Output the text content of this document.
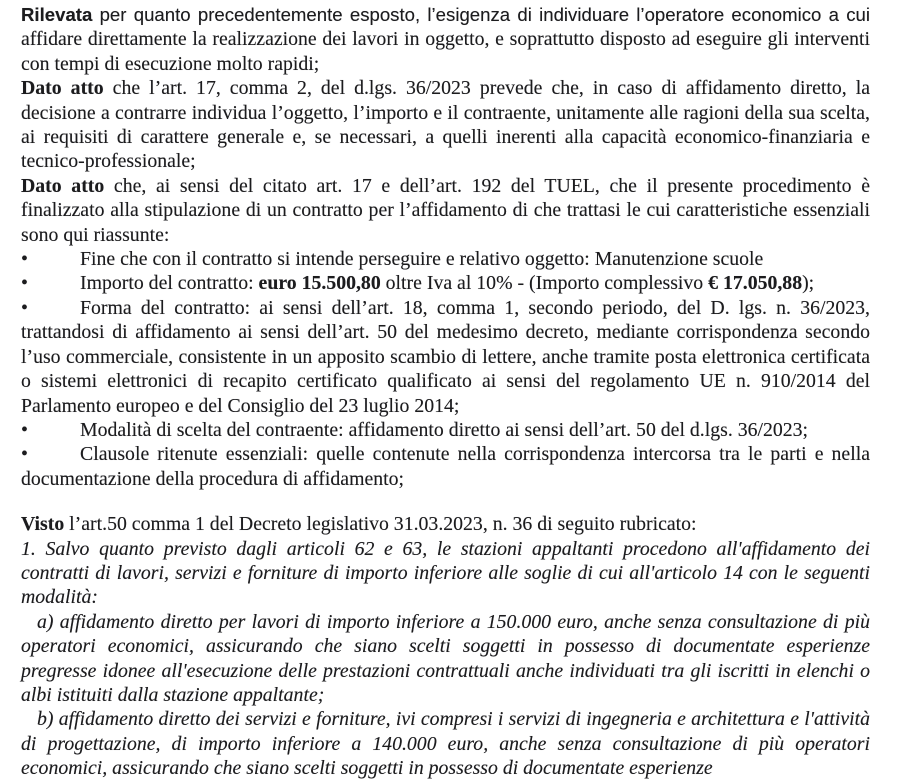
Rilevata per quanto precedentemente esposto, l’esigenza di individuare l’operatore economico a cui affidare direttamente la realizzazione dei lavori in oggetto, e soprattutto disposto ad eseguire gli interventi con tempi di esecuzione molto rapidi;

Dato atto che l’art. 17, comma 2, del d.lgs. 36/2023 prevede che, in caso di affidamento diretto, la decisione a contrarre individua l’oggetto, l’importo e il contraente, unitamente alle ragioni della sua scelta, ai requisiti di carattere generale e, se necessari, a quelli inerenti alla capacità economico-finanziaria e tecnico-professionale;

Dato atto che, ai sensi del citato art. 17 e dell’art. 192 del TUEL, che il presente procedimento è finalizzato alla stipulazione di un contratto per l’affidamento di che trattasi le cui caratteristiche essenziali sono qui riassunte:

•	Fine che con il contratto si intende perseguire e relativo oggetto: Manutenzione scuole

•	Importo del contratto: euro 15.500,80 oltre Iva al 10% - (Importo complessivo € 17.050,88);

•	Forma del contratto: ai sensi dell’art. 18, comma 1, secondo periodo, del D. lgs. n. 36/2023, trattandosi di affidamento ai sensi dell’art. 50 del medesimo decreto, mediante corrispondenza secondo l’uso commerciale, consistente in un apposito scambio di lettere, anche tramite posta elettronica certificata o sistemi elettronici di recapito certificato qualificato ai sensi del regolamento UE n. 910/2014 del Parlamento europeo e del Consiglio del 23 luglio 2014;

•	Modalità di scelta del contraente: affidamento diretto ai sensi dell’art. 50 del d.lgs. 36/2023;

•	Clausole ritenute essenziali: quelle contenute nella corrispondenza intercorsa tra le parti e nella documentazione della procedura di affidamento;

Visto l’art.50 comma 1 del Decreto legislativo 31.03.2023, n. 36 di seguito rubricato:

1. Salvo quanto previsto dagli articoli 62 e 63, le stazioni appaltanti procedono all'affidamento dei contratti di lavori, servizi e forniture di importo inferiore alle soglie di cui all'articolo 14 con le seguenti modalità:

a) affidamento diretto per lavori di importo inferiore a 150.000 euro, anche senza consultazione di più operatori economici, assicurando che siano scelti soggetti in possesso di documentate esperienze pregresse idonee all'esecuzione delle prestazioni contrattuali anche individuati tra gli iscritti in elenchi o albi istituiti dalla stazione appaltante;

b) affidamento diretto dei servizi e forniture, ivi compresi i servizi di ingegneria e architettura e l'attività di progettazione, di importo inferiore a 140.000 euro, anche senza consultazione di più operatori economici, assicurando che siano scelti soggetti in possesso di documentate esperienze
